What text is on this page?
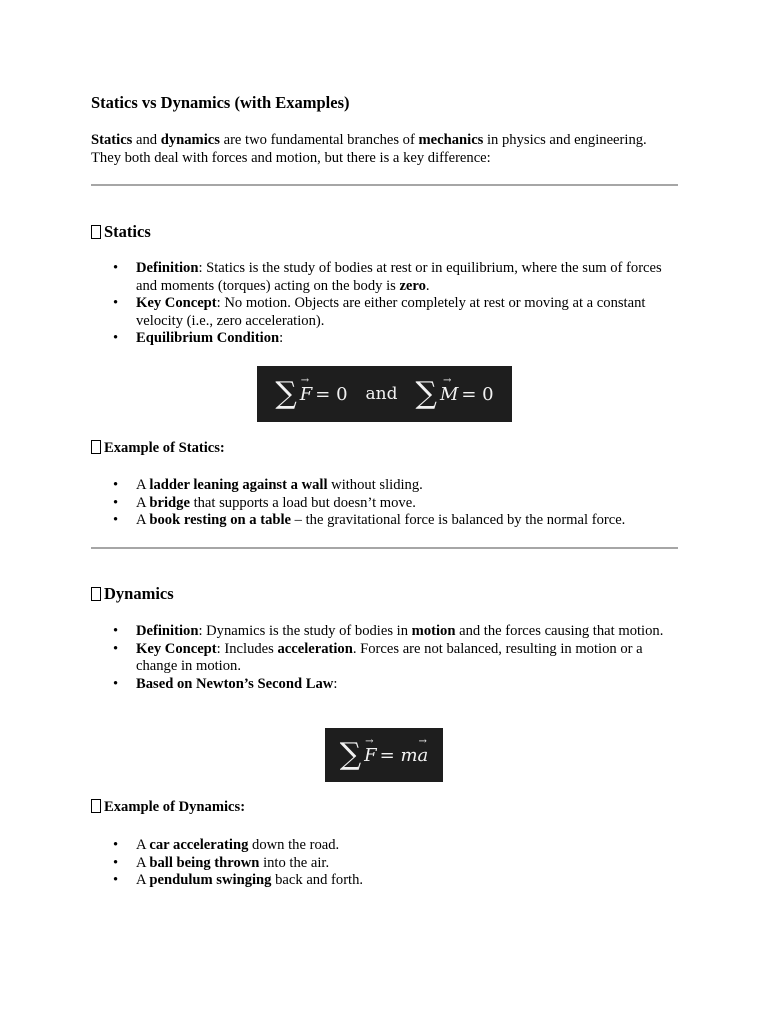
Statics vs Dynamics (with Examples)

Statics and dynamics are two fundamental branches of mechanics in physics and engineering. They both deal with forces and motion, but there is a key difference:

Statics
• Definition: Statics is the study of bodies at rest or in equilibrium, where the sum of forces and moments (torques) acting on the body is zero.
• Key Concept: No motion. Objects are either completely at rest or moving at a constant velocity (i.e., zero acceleration).
• Equilibrium Condition:
∑ →
F = 0 and ∑ →
M = 0
Example of Statics:
• A ladder leaning against a wall without sliding.
• A bridge that supports a load but doesn’t move.
• A book resting on a table – the gravitational force is balanced by the normal force.
Dynamics
• Definition: Dynamics is the study of bodies in motion and the forces causing that motion.
• Key Concept: Includes acceleration. Forces are not balanced, resulting in motion or a change in motion.
• Based on Newton’s Second Law:
∑ →
F = m
→
a
Example of Dynamics:
• A car accelerating down the road.
• A ball being thrown into the air.
• A pendulum swinging back and forth.
